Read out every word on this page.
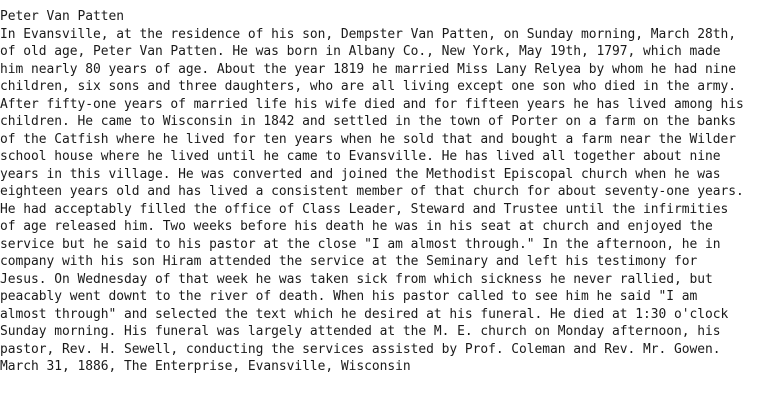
Peter Van Patten
In Evansville, at the residence of his son, Dempster Van Patten, on Sunday morning, March 28th,
of old age, Peter Van Patten. He was born in Albany Co., New York, May 19th, 1797, which made
him nearly 80 years of age. About the year 1819 he married Miss Lany Relyea by whom he had nine
children, six sons and three daughters, who are all living except one son who died in the army.
After fifty-one years of married life his wife died and for fifteen years he has lived among his
children. He came to Wisconsin in 1842 and settled in the town of Porter on a farm on the banks
of the Catfish where he lived for ten years when he sold that and bought a farm near the Wilder
school house where he lived until he came to Evansville. He has lived all together about nine
years in this village. He was converted and joined the Methodist Episcopal church when he was
eighteen years old and has lived a consistent member of that church for about seventy-one years.
He had acceptably filled the office of Class Leader, Steward and Trustee until the infirmities
of age released him. Two weeks before his death he was in his seat at church and enjoyed the
service but he said to his pastor at the close "I am almost through." In the afternoon, he in
company with his son Hiram attended the service at the Seminary and left his testimony for
Jesus. On Wednesday of that week he was taken sick from which sickness he never rallied, but
peacably went downt to the river of death. When his pastor called to see him he said "I am
almost through" and selected the text which he desired at his funeral. He died at 1:30 o'clock
Sunday morning. His funeral was largely attended at the M. E. church on Monday afternoon, his
pastor, Rev. H. Sewell, conducting the services assisted by Prof. Coleman and Rev. Mr. Gowen.
March 31, 1886, The Enterprise, Evansville, Wisconsin
